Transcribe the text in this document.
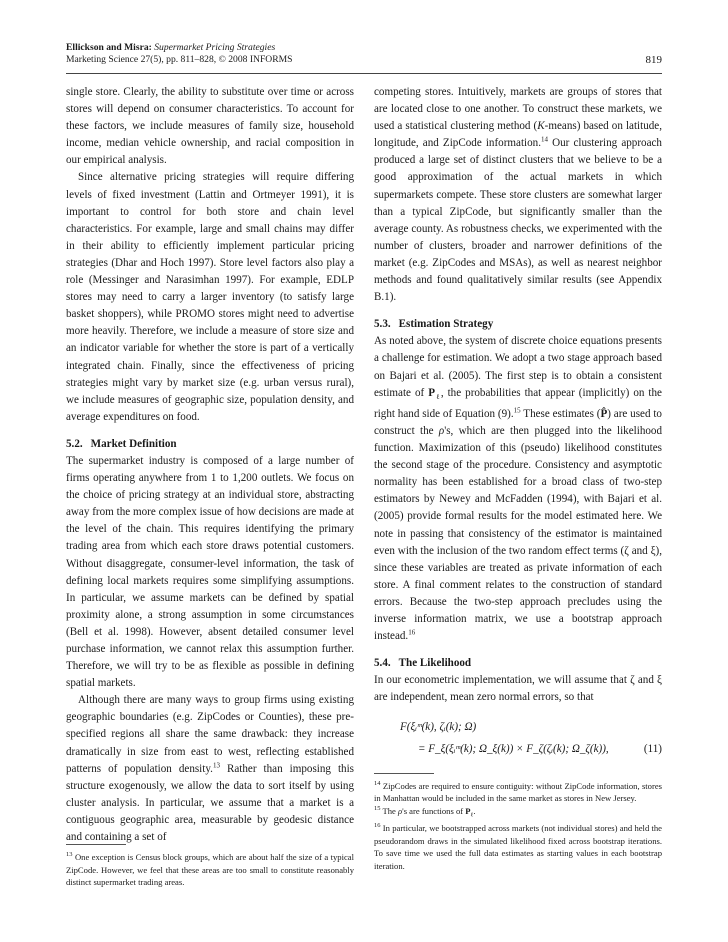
Ellickson and Misra: Supermarket Pricing Strategies
Marketing Science 27(5), pp. 811–828, © 2008 INFORMS	819

single store. Clearly, the ability to substitute over time or across stores will depend on consumer characteristics. To account for these factors, we include measures of family size, household income, median vehicle ownership, and racial composition in our empirical analysis.

Since alternative pricing strategies will require differing levels of fixed investment (Lattin and Ortmeyer 1991), it is important to control for both store and chain level characteristics. For example, large and small chains may differ in their ability to efficiently implement particular pricing strategies (Dhar and Hoch 1997). Store level factors also play a role (Messinger and Narasimhan 1997). For example, EDLP stores may need to carry a larger inventory (to satisfy large basket shoppers), while PROMO stores might need to advertise more heavily. Therefore, we include a measure of store size and an indicator variable for whether the store is part of a vertically integrated chain. Finally, since the effectiveness of pricing strategies might vary by market size (e.g. urban versus rural), we include measures of geographic size, population density, and average expenditures on food.

5.2. Market Definition

The supermarket industry is composed of a large number of firms operating anywhere from 1 to 1,200 outlets. We focus on the choice of pricing strategy at an individual store, abstracting away from the more complex issue of how decisions are made at the level of the chain. This requires identifying the primary trading area from which each store draws potential customers. Without disaggregate, consumer-level information, the task of defining local markets requires some simplifying assumptions. In particular, we assume markets can be defined by spatial proximity alone, a strong assumption in some circumstances (Bell et al. 1998). However, absent detailed consumer level purchase information, we cannot relax this assumption further. Therefore, we will try to be as flexible as possible in defining spatial markets.

Although there are many ways to group firms using existing geographic boundaries (e.g. ZipCodes or Counties), these pre-specified regions all share the same drawback: they increase dramatically in size from east to west, reflecting established patterns of population density.$^{13}$ Rather than imposing this structure exogenously, we allow the data to sort itself by using cluster analysis. In particular, we assume that a market is a contiguous geographic area, measurable by geodesic distance and containing a set of

$^{13}$ One exception is Census block groups, which are about half the size of a typical ZipCode. However, we feel that these areas are too small to constitute reasonably distinct supermarket trading areas.

competing stores. Intuitively, markets are groups of stores that are located close to one another. To construct these markets, we used a statistical clustering method (K-means) based on latitude, longitude, and ZipCode information.$^{14}$ Our clustering approach produced a large set of distinct clusters that we believe to be a good approximation of the actual markets in which supermarkets compete. These store clusters are somewhat larger than a typical ZipCode, but significantly smaller than the average county. As robustness checks, we experimented with the number of clusters, broader and narrower definitions of the market (e.g. ZipCodes and MSAs), as well as nearest neighbor methods and found qualitatively similar results (see Appendix B.1).

5.3. Estimation Strategy

As noted above, the system of discrete choice equations presents a challenge for estimation. We adopt a two stage approach based on Bajari et al. (2005). The first step is to obtain a consistent estimate of $P_\ell$, the probabilities that appear (implicitly) on the right hand side of Equation (9).$^{15}$ These estimates (P̂) are used to construct the ρ's, which are then plugged into the likelihood function. Maximization of this (pseudo) likelihood constitutes the second stage of the procedure. Consistency and asymptotic normality has been established for a broad class of two-step estimators by Newey and McFadden (1994), with Bajari et al. (2005) provide formal results for the model estimated here. We note in passing that consistency of the estimator is maintained even with the inclusion of the two random effect terms (ζ and ξ), since these variables are treated as private information of each store. A final comment relates to the construction of standard errors. Because the two-step approach precludes using the inverse information matrix, we use a bootstrap approach instead.$^{16}$

5.4. The Likelihood

In our econometric implementation, we will assume that ζ and ξ are independent, mean zero normal errors, so that

F(ξᵢᵐ(k), ζᵢ(k); Ω)
= F_ξ(ξᵢᵐ(k); Ω_ξ(k)) × F_ζ(ζᵢ(k); Ω_ζ(k)),	(11)

$^{14}$ ZipCodes are required to ensure contiguity: without ZipCode information, stores in Manhattan would be included in the same market as stores in New Jersey.

$^{15}$ The ρ's are functions of $P_\ell$.

$^{16}$ In particular, we bootstrapped across markets (not individual stores) and held the pseudorandom draws in the simulated likelihood fixed across bootstrap iterations. To save time we used the full data estimates as starting values in each bootstrap iteration.
